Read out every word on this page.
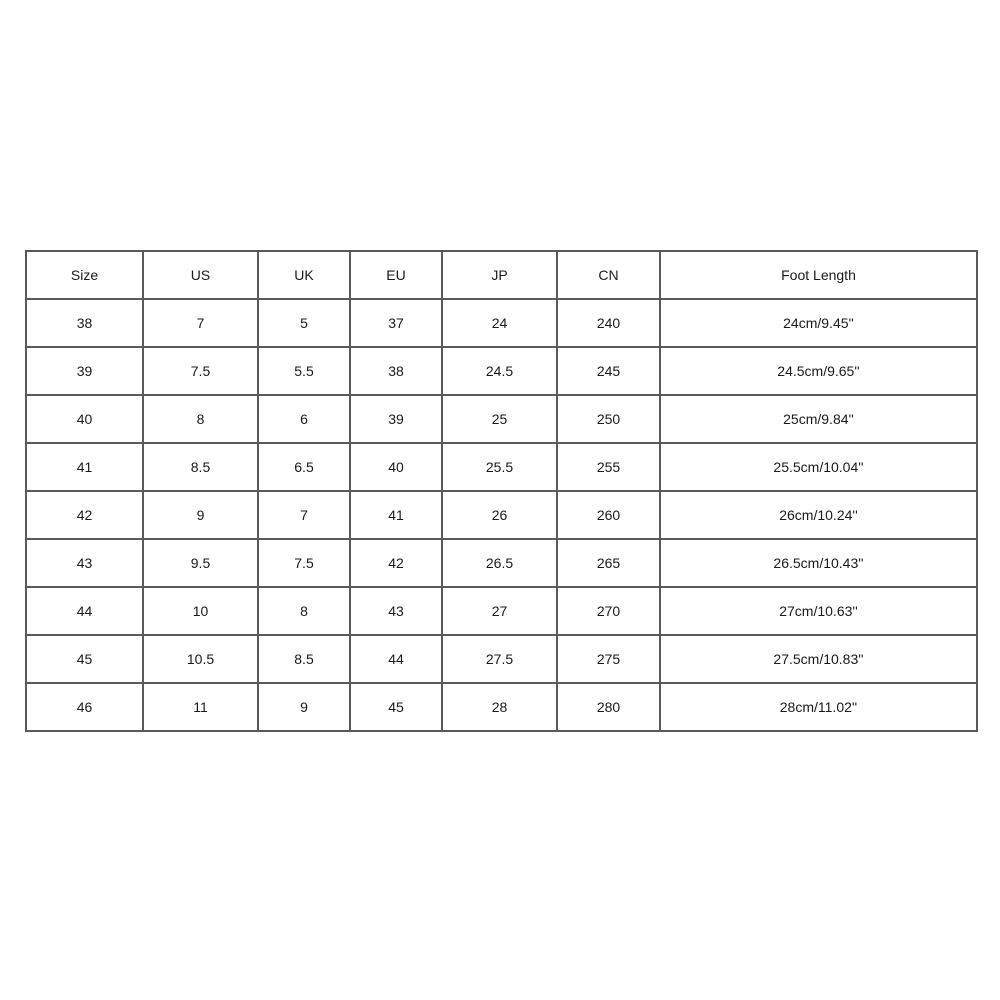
Size	US	UK	EU	JP	CN	Foot Length
38	7	5	37	24	240	24cm/9.45''
39	7.5	5.5	38	24.5	245	24.5cm/9.65''
40	8	6	39	25	250	25cm/9.84''
41	8.5	6.5	40	25.5	255	25.5cm/10.04''
42	9	7	41	26	260	26cm/10.24''
43	9.5	7.5	42	26.5	265	26.5cm/10.43''
44	10	8	43	27	270	27cm/10.63''
45	10.5	8.5	44	27.5	275	27.5cm/10.83''
46	11	9	45	28	280	28cm/11.02''
